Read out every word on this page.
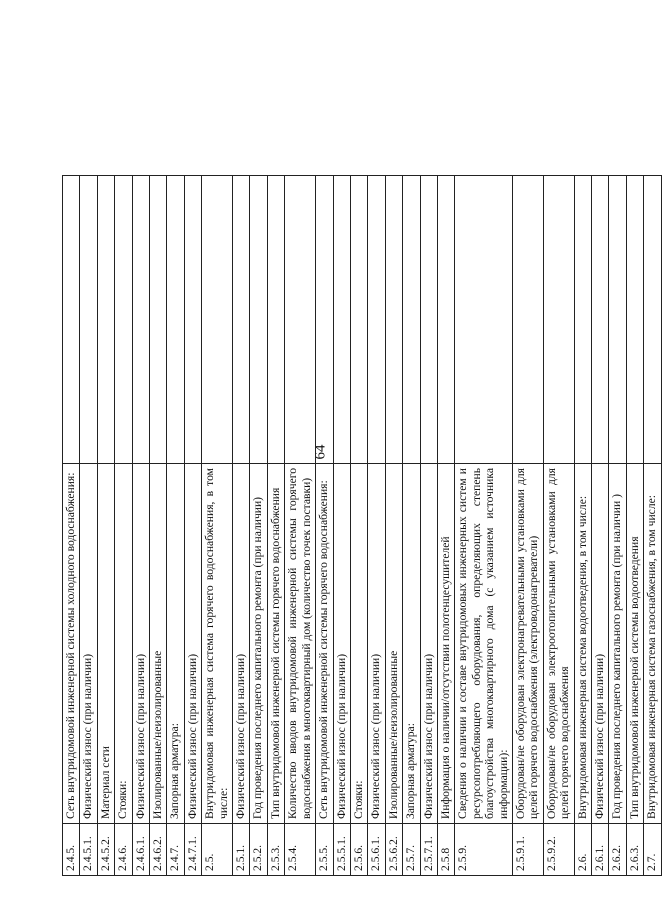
64
2.4.5.	Сеть внутридомовой инженерной системы холодного водоснабжения:	
2.4.5.1.	Физический износ (при наличии)	
2.4.5.2.	Материал сети	
2.4.6.	Стояки:	
2.4.6.1.	Физический износ (при наличии)	
2.4.6.2.	Изолированные/неизолированные	
2.4.7.	Запорная арматура:	
2.4.7.1.	Физический износ (при наличии)	
2.5.	Внутридомовая инженерная система горячего водоснабжения, в том числе:	
2.5.1.	Физический износ (при наличии)	
2.5.2.	Год проведения последнего капитального ремонта (при наличии)	
2.5.3.	Тип внутридомовой инженерной системы горячего водоснабжения	
2.5.4.	Количество вводов внутридомовой инженерной системы горячего водоснабжения в многоквартирный дом (количество точек поставки)	
2.5.5.	Сеть внутридомовой инженерной системы горячего водоснабжения:	
2.5.5.1.	Физический износ (при наличии)	
2.5.6.	Стояки:	
2.5.6.1.	Физический износ (при наличии)	
2.5.6.2.	Изолированные/неизолированные	
2.5.7.	Запорная арматура:	
2.5.7.1.	Физический износ (при наличии)	
2.5.8	Информация о наличии/отсутствии полотенцесушителей	
2.5.9.	Сведения о наличии и составе внутридомовых инженерных систем и ресурсопотребляющего оборудования, определяющих степень благоустройства многоквартирного дома (с указанием источника информации):	
2.5.9.1.	Оборудован/не оборудован электронагревательными установками для целей горячего водоснабжения (электроводонагреватели)	
2.5.9.2.	Оборудован/не оборудован электроотопительными установками для целей горячего водоснабжения	
2.6.	Внутридомовая инженерная система водоотведения, в том числе:	
2.6.1.	Физический износ (при наличии)	
2.6.2.	Год проведения последнего капитального ремонта (при наличии )	
2.6.3.	Тип внутридомовой инженерной системы водоотведения	
2.7.	Внутридомовая инженерная система газоснабжения, в том числе:	
